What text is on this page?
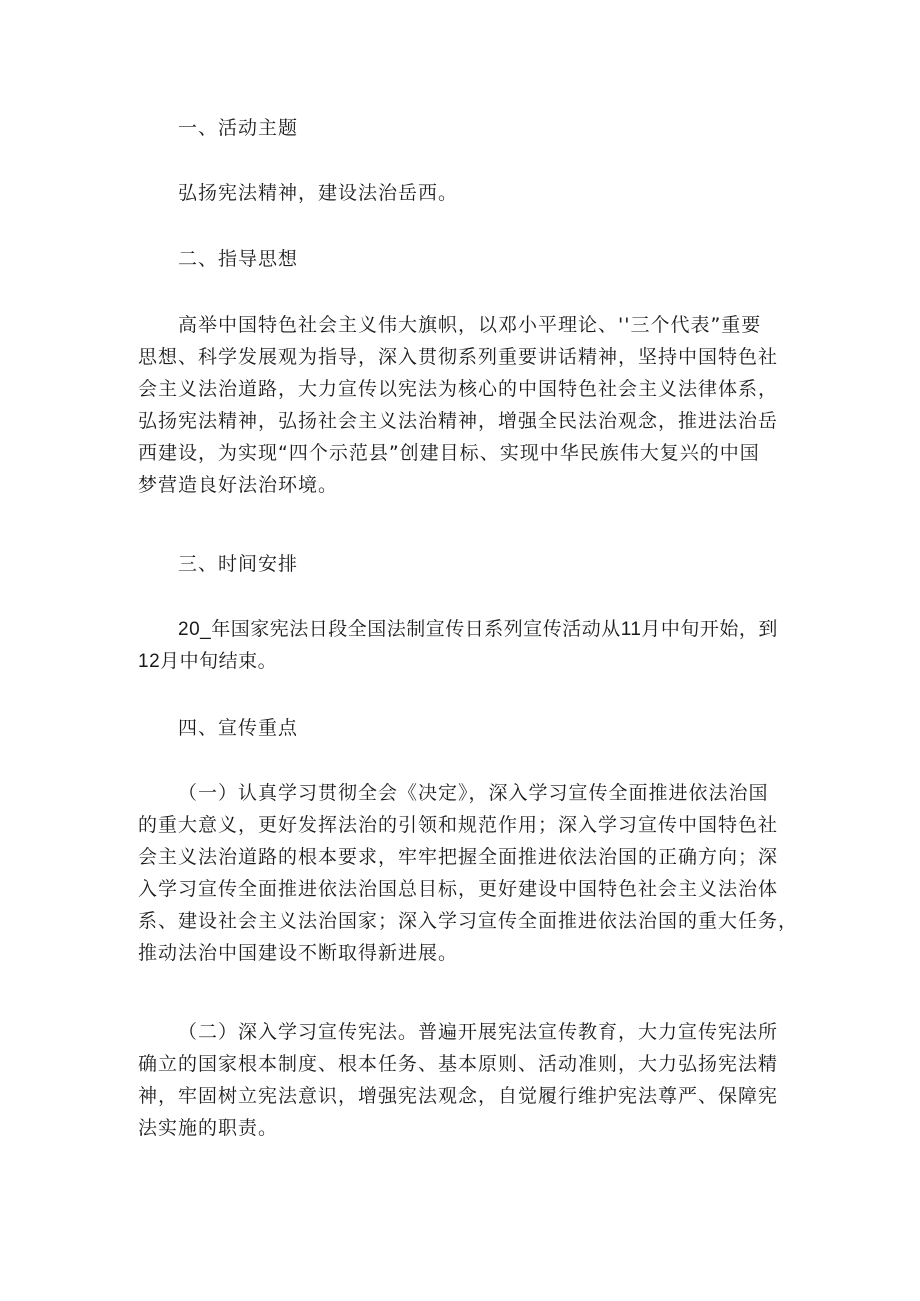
一、活动主题

弘扬宪法精神，建设法治岳西。

二、指导思想

高举中国特色社会主义伟大旗帜，以邓小平理论、''三个代表”重要
思想、科学发展观为指导，深入贯彻系列重要讲话精神，坚持中国特色社
会主义法治道路，大力宣传以宪法为核心的中国特色社会主义法律体系，
弘扬宪法精神，弘扬社会主义法治精神，增强全民法治观念，推进法治岳
西建设，为实现“四个示范县”创建目标、实现中华民族伟大复兴的中国
梦营造良好法治环境。

三、时间安排

20_年国家宪法日段全国法制宣传日系列宣传活动从11月中旬开始，到
12月中旬结束。

四、宣传重点

（一）认真学习贯彻全会《决定》，深入学习宣传全面推进依法治国
的重大意义，更好发挥法治的引领和规范作用；深入学习宣传中国特色社
会主义法治道路的根本要求，牢牢把握全面推进依法治国的正确方向；深
入学习宣传全面推进依法治国总目标，更好建设中国特色社会主义法治体
系、建设社会主义法治国家；深入学习宣传全面推进依法治国的重大任务，
推动法治中国建设不断取得新进展。
（二）深入学习宣传宪法。普遍开展宪法宣传教育，大力宣传宪法所
确立的国家根本制度、根本任务、基本原则、活动准则，大力弘扬宪法精
神，牢固树立宪法意识，增强宪法观念，自觉履行维护宪法尊严、保障宪
法实施的职责。
